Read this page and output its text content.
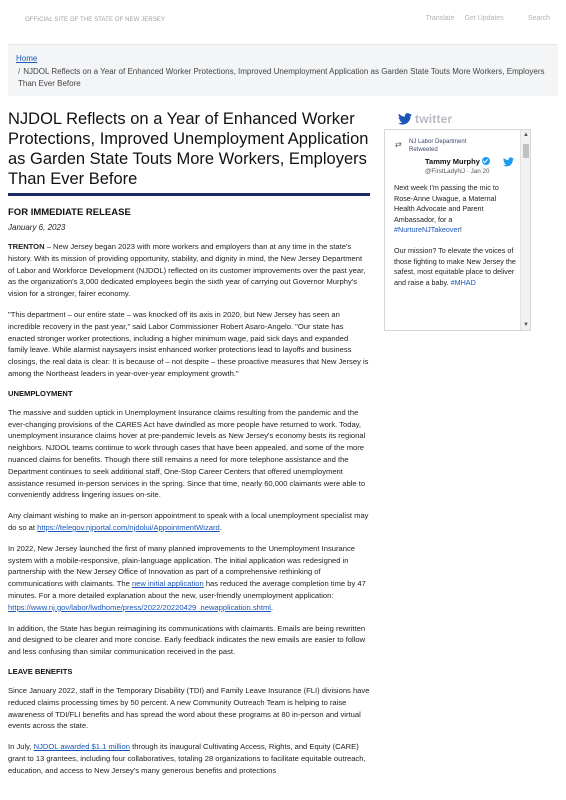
OFFICIAL SITE OF THE STATE OF NEW JERSEY	Translate Get Updates	Search
Home
/ NJDOL Reflects on a Year of Enhanced Worker Protections, Improved Unemployment Application as Garden State Touts More Workers, Employers Than Ever Before
NJDOL Reflects on a Year of Enhanced Worker Protections, Improved Unemployment Application as Garden State Touts More Workers, Employers Than Ever Before
FOR IMMEDIATE RELEASE
January 6, 2023

TRENTON – New Jersey began 2023 with more workers and employers than at any time in the state's history. With its mission of providing opportunity, stability, and dignity in mind, the New Jersey Department of Labor and Workforce Development (NJDOL) reflected on its customer improvements over the past year, as the organization's 3,000 dedicated employees begin the sixth year of carrying out Governor Murphy's vision for a stronger, fairer economy.

"This department – our entire state – was knocked off its axis in 2020, but New Jersey has seen an incredible recovery in the past year," said Labor Commissioner Robert Asaro-Angelo. "Our state has enacted stronger worker protections, including a higher minimum wage, paid sick days and expanded family leave. While alarmist naysayers insist enhanced worker protections lead to layoffs and business closings, the real data is clear: It is because of – not despite – these proactive measures that New Jersey is among the Northeast leaders in year-over-year employment growth."

UNEMPLOYMENT

The massive and sudden uptick in Unemployment Insurance claims resulting from the pandemic and the ever-changing provisions of the CARES Act have dwindled as more people have returned to work. Today, unemployment insurance claims hover at pre-pandemic levels as New Jersey's economy bests its regional neighbors. NJDOL teams continue to work through cases that have been appealed, and some of the more nuanced claims for benefits. Though there still remains a need for more telephone assistance and the Department continues to seek additional staff, One-Stop Career Centers that offered unemployment assistance resumed in-person services in the spring. Since that time, nearly 60,000 claimants were able to conveniently address lingering issues on-site.

Any claimant wishing to make an in-person appointment to speak with a local unemployment specialist may do so at https://telegov.njportal.com/njdolui/AppointmentWizard.

In 2022, New Jersey launched the first of many planned improvements to the Unemployment Insurance system with a mobile-responsive, plain-language application. The initial application was redesigned in partnership with the New Jersey Office of Innovation as part of a comprehensive rethinking of communications with claimants. The new initial application has reduced the average completion time by 47 minutes. For a more detailed explanation about the new, user-friendly unemployment application: https://www.nj.gov/labor/lwdhome/press/2022/20220429_newapplication.shtml.

In addition, the State has begun reimagining its communications with claimants. Emails are being rewritten and designed to be clearer and more concise. Early feedback indicates the new emails are easier to follow and less confusing than similar communication received in the past.

LEAVE BENEFITS

Since January 2022, staff in the Temporary Disability (TDI) and Family Leave Insurance (FLI) divisions have reduced claims processing times by 50 percent. A new Community Outreach Team is helping to raise awareness of TDI/FLI benefits and has spread the word about these programs at 80 in-person and virtual events across the state.

In July, NJDOL awarded $1.1 million through its inaugural Cultivating Access, Rights, and Equity (CARE) grant to 13 grantees, including four collaboratives, totaling 28 organizations to facilitate equitable outreach, education, and access to New Jersey's many generous benefits and protections

twitter
⇄ NJ Labor Department
Retweeted
Tammy Murphy
@FirstLadyNJ · Jan 20
Next week I'm passing the mic to Rose-Anne Uwague, a Maternal Health Advocate and Parent Ambassador, for a #NurtureNJTakeover!
Our mission? To elevate the voices of those fighting to make New Jersey the safest, most equitable place to deliver and raise a baby. #MHAD
▲
▼
